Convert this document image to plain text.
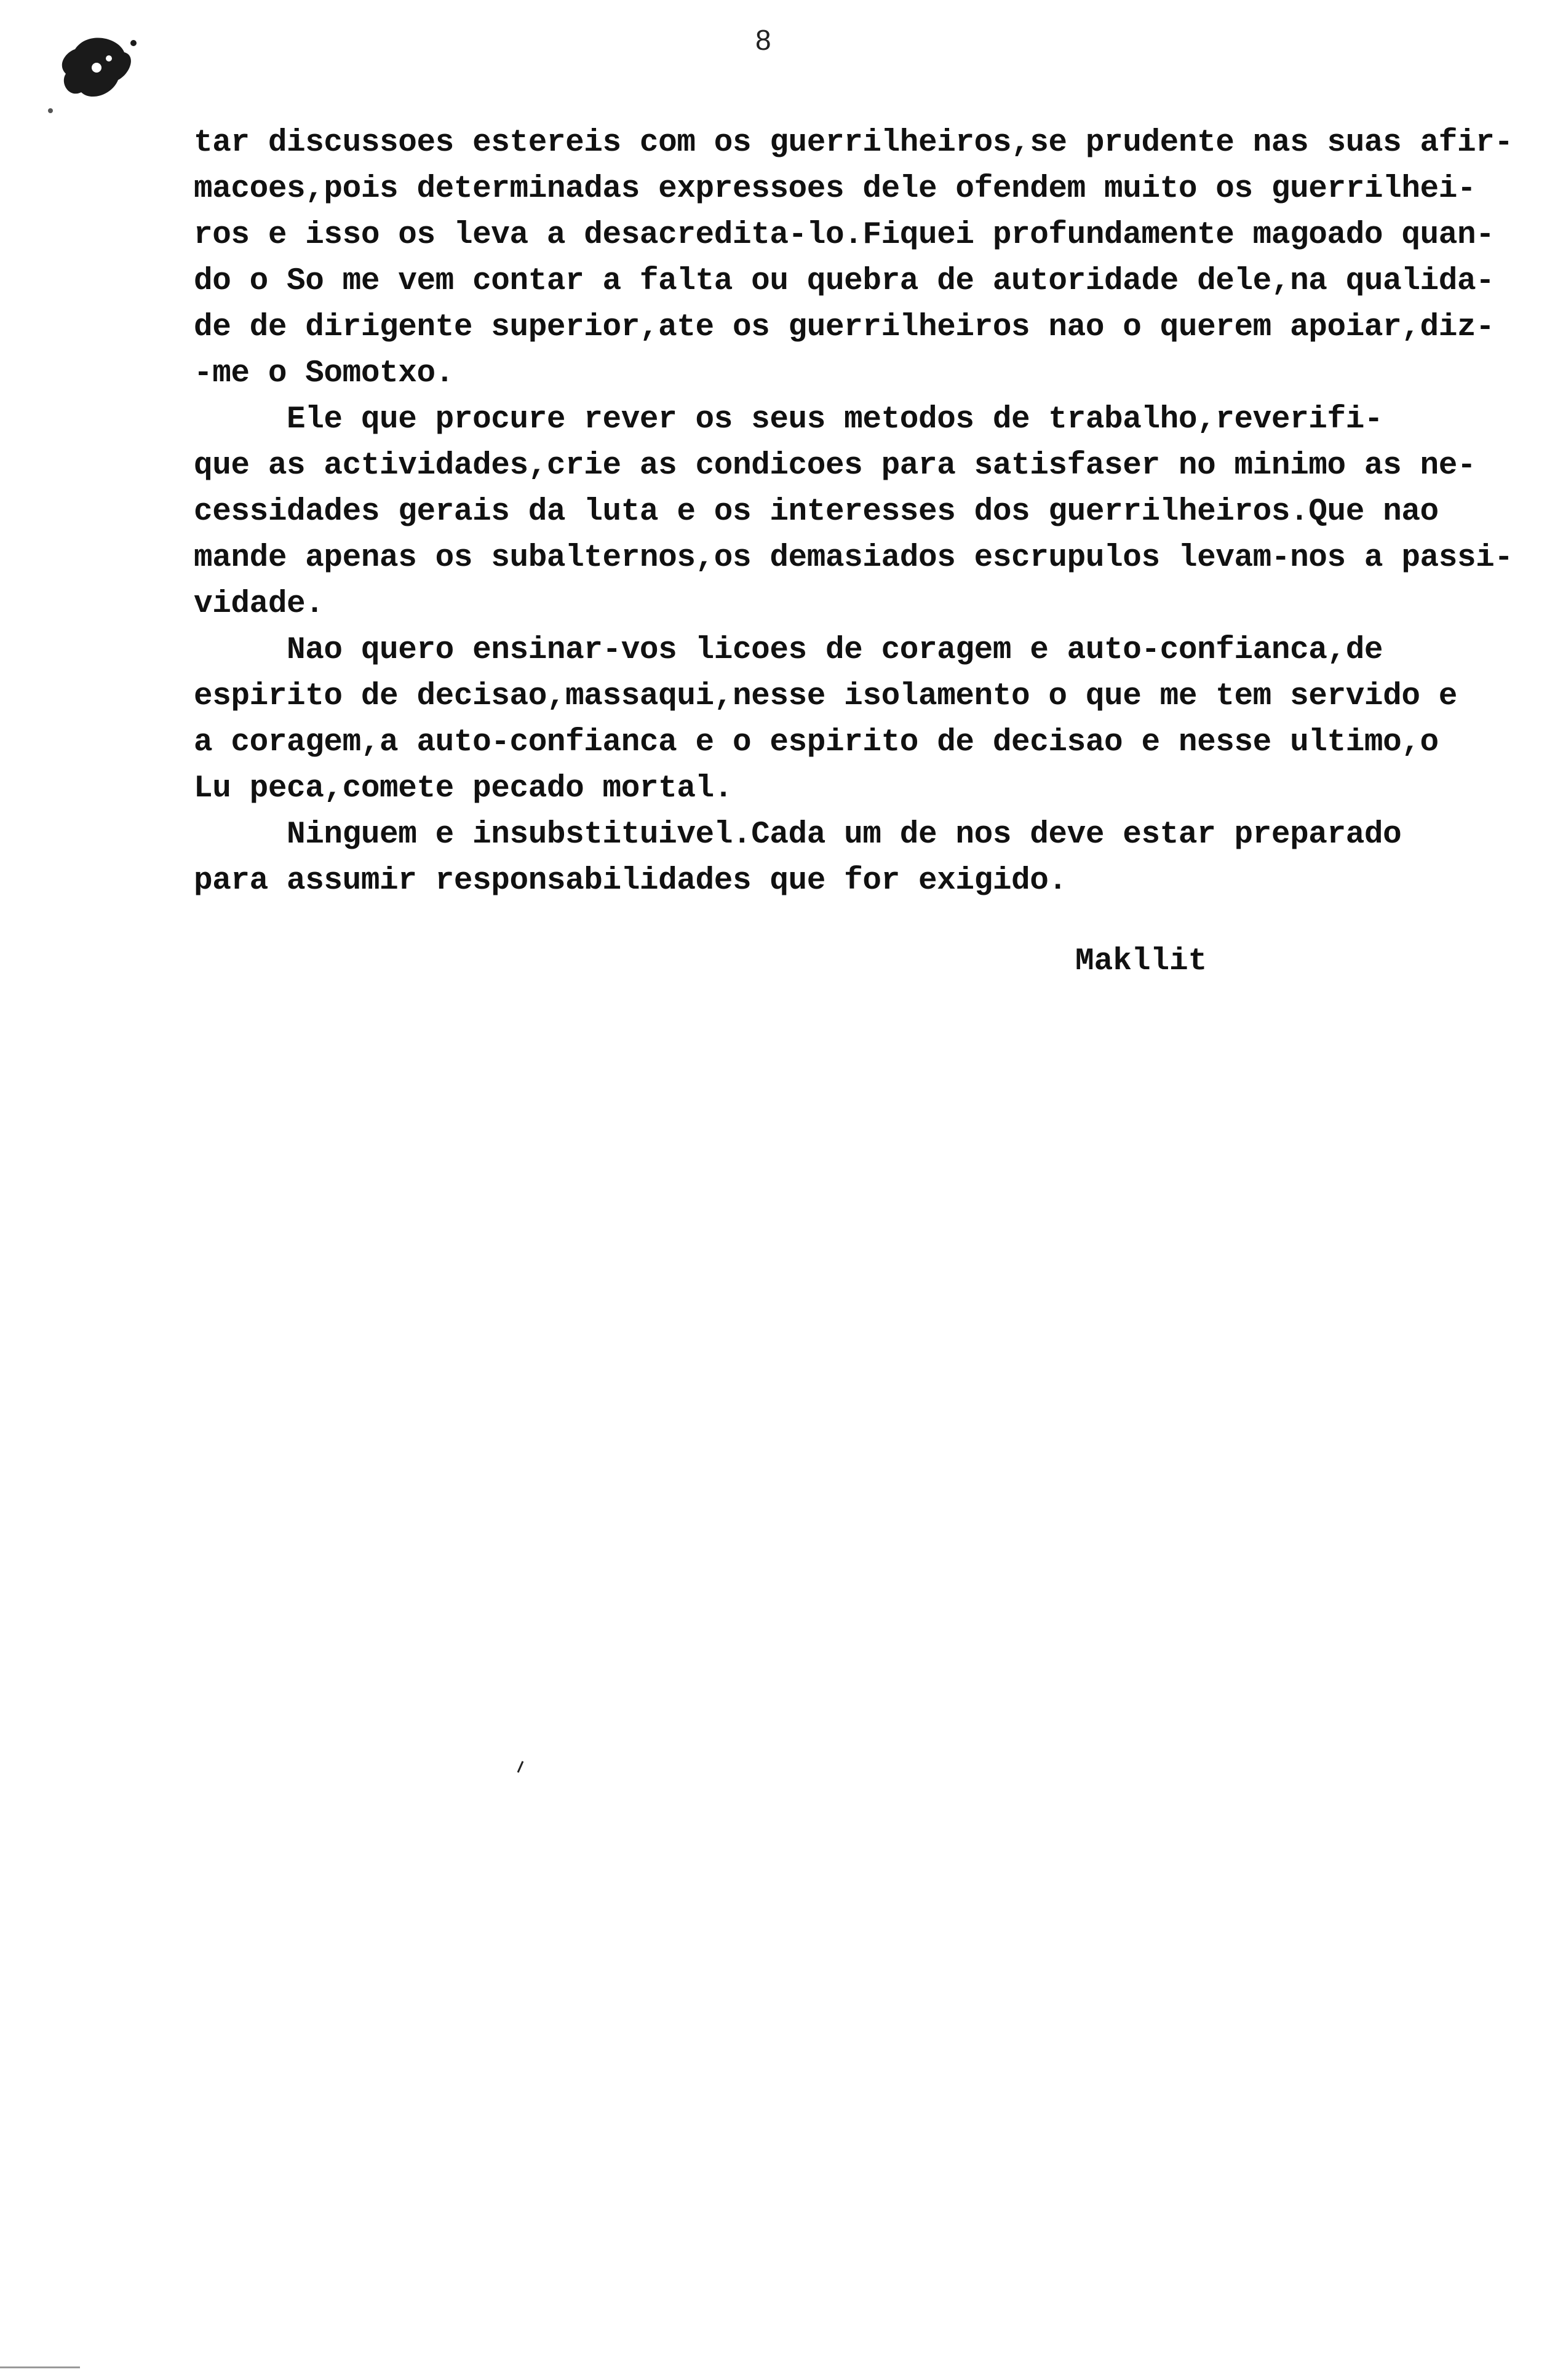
8
tar discussoes estereis com os guerrilheiros,se prudente nas suas afir-
macoes,pois determinadas expressoes dele ofendem muito os guerrilhei-
ros e isso os leva a desacredita-lo.Fiquei profundamente magoado quan-
do o So me vem contar a falta ou quebra de autoridade dele,na qualida-
de de dirigente superior,ate os guerrilheiros nao o querem apoiar,diz-
-me o Somotxo.
Ele que procure rever os seus metodos de trabalho,reverifi-
que as actividades,crie as condicoes para satisfaser no minimo as ne-
cessidades gerais da luta e os interesses dos guerrilheiros.Que nao
mande apenas os subalternos,os demasiados escrupulos levam-nos a passi-
vidade.
Nao quero ensinar-vos licoes de coragem e auto-confianca,de
espirito de decisao,massaqui,nesse isolamento o que me tem servido e
a coragem,a auto-confianca e o espirito de decisao e nesse ultimo,o
Lu peca,comete pecado mortal.
Ninguem e insubstituivel.Cada um de nos deve estar preparado
para assumir responsabilidades que for exigido.
Makllit
